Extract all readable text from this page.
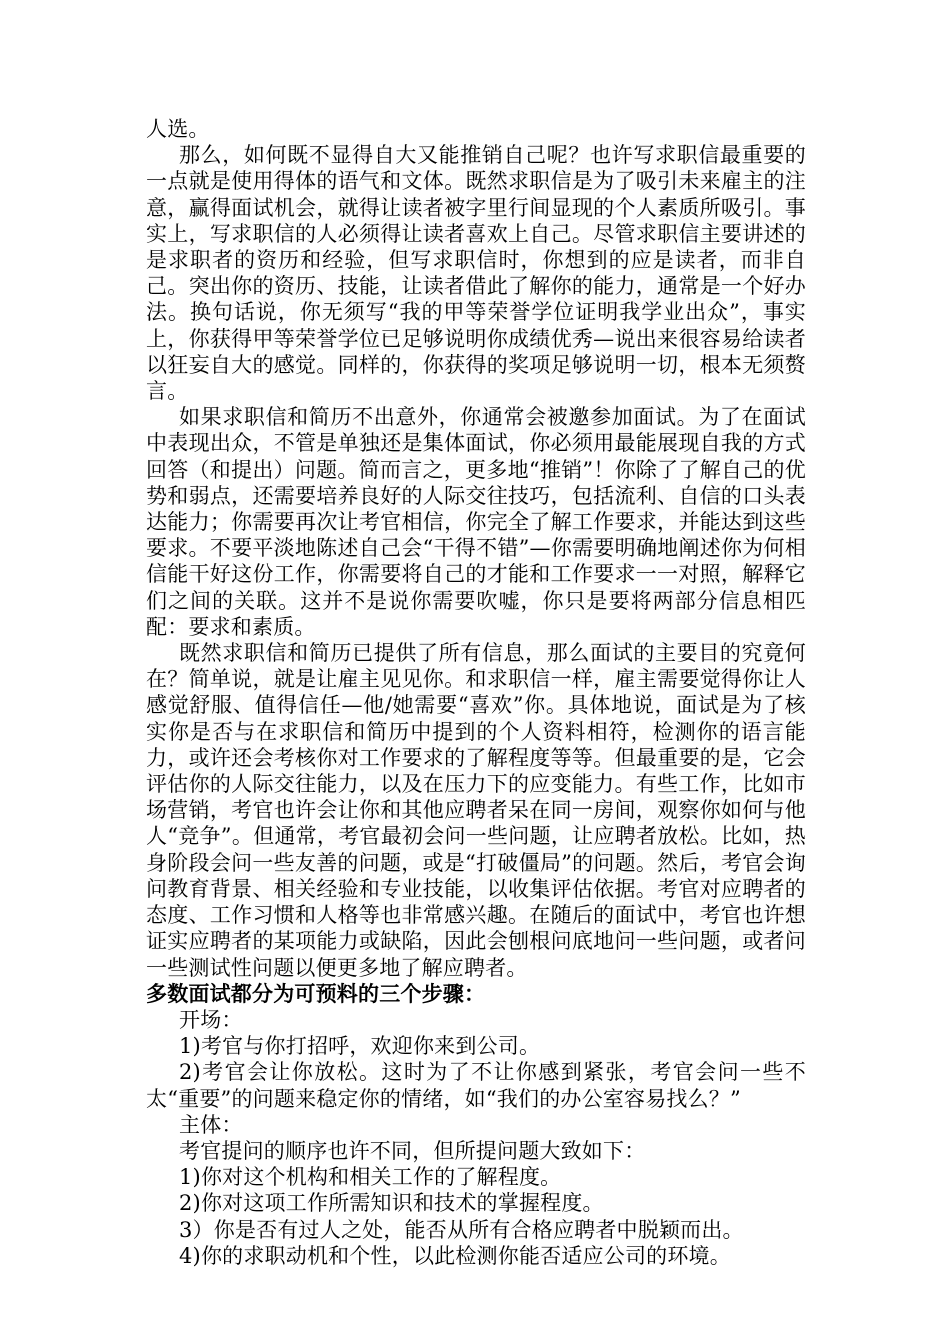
人选。

那么，如何既不显得自大又能推销自己呢？也许写求职信最重要的一点就是使用得体的语气和文体。既然求职信是为了吸引未来雇主的注意，赢得面试机会，就得让读者被字里行间显现的个人素质所吸引。事实上，写求职信的人必须得让读者喜欢上自己。尽管求职信主要讲述的是求职者的资历和经验，但写求职信时，你想到的应是读者，而非自己。突出你的资历、技能，让读者借此了解你的能力，通常是一个好办法。换句话说，你无须写“我的甲等荣誉学位证明我学业出众”，事实上，你获得甲等荣誉学位已足够说明你成绩优秀—说出来很容易给读者以狂妄自大的感觉。同样的，你获得的奖项足够说明一切，根本无须赘言。

如果求职信和简历不出意外，你通常会被邀参加面试。为了在面试中表现出众，不管是单独还是集体面试，你必须用最能展现自我的方式回答（和提出）问题。简而言之，更多地“推销”！你除了了解自己的优势和弱点，还需要培养良好的人际交往技巧，包括流利、自信的口头表达能力；你需要再次让考官相信，你完全了解工作要求，并能达到这些要求。不要平淡地陈述自己会“干得不错”—你需要明确地阐述你为何相信能干好这份工作，你需要将自己的才能和工作要求一一对照，解释它们之间的关联。这并不是说你需要吹嘘，你只是要将两部分信息相匹配：要求和素质。

既然求职信和简历已提供了所有信息，那么面试的主要目的究竟何在？简单说，就是让雇主见见你。和求职信一样，雇主需要觉得你让人感觉舒服、值得信任—他/她需要“喜欢”你。具体地说，面试是为了核实你是否与在求职信和简历中提到的个人资料相符，检测你的语言能力，或许还会考核你对工作要求的了解程度等等。但最重要的是，它会评估你的人际交往能力，以及在压力下的应变能力。有些工作，比如市场营销，考官也许会让你和其他应聘者呆在同一房间，观察你如何与他人“竞争”。但通常，考官最初会问一些问题，让应聘者放松。比如，热身阶段会问一些友善的问题，或是“打破僵局”的问题。然后，考官会询问教育背景、相关经验和专业技能，以收集评估依据。考官对应聘者的态度、工作习惯和人格等也非常感兴趣。在随后的面试中，考官也许想证实应聘者的某项能力或缺陷，因此会刨根问底地问一些问题，或者问一些测试性问题以便更多地了解应聘者。

多数面试都分为可预料的三个步骤：

开场：

1)考官与你打招呼，欢迎你来到公司。

2)考官会让你放松。这时为了不让你感到紧张，考官会问一些不太“重要”的问题来稳定你的情绪，如“我们的办公室容易找么？”

主体：

考官提问的顺序也许不同，但所提问题大致如下：

1)你对这个机构和相关工作的了解程度。

2)你对这项工作所需知识和技术的掌握程度。

3）你是否有过人之处，能否从所有合格应聘者中脱颖而出。

4)你的求职动机和个性，以此检测你能否适应公司的环境。
